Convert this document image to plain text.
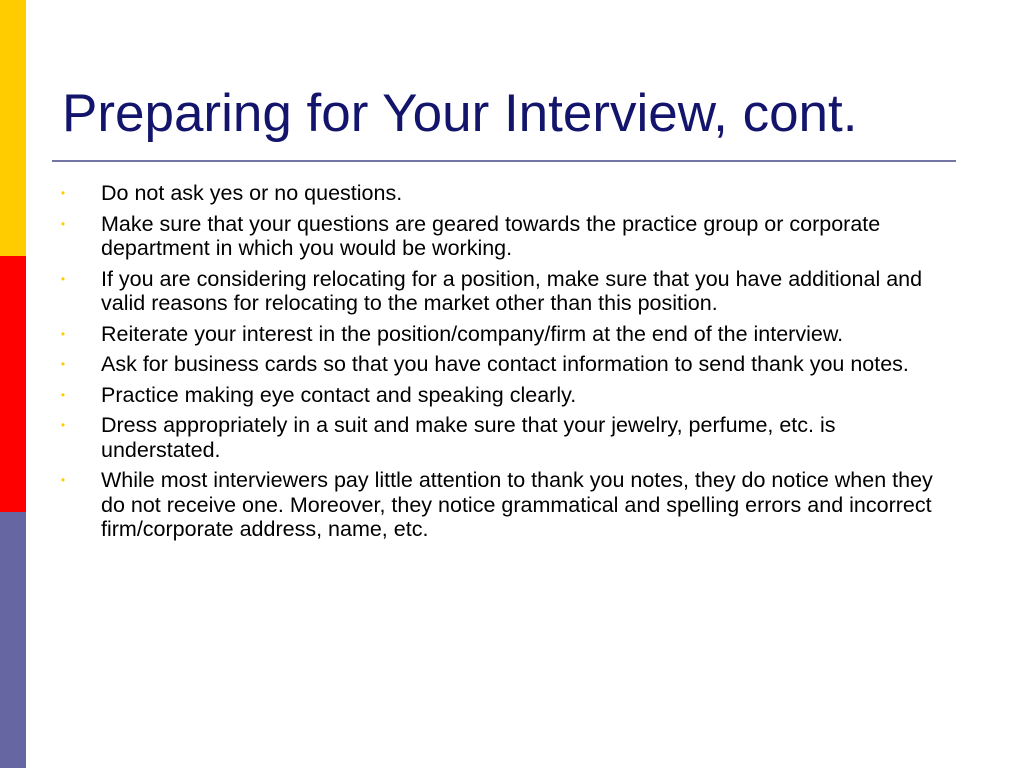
Preparing for Your Interview, cont.
• Do not ask yes or no questions.
• Make sure that your questions are geared towards the practice group or corporate department in which you would be working.
• If you are considering relocating for a position, make sure that you have additional and valid reasons for relocating to the market other than this position.
• Reiterate your interest in the position/company/firm at the end of the interview.
• Ask for business cards so that you have contact information to send thank you notes.
• Practice making eye contact and speaking clearly.
• Dress appropriately in a suit and make sure that your jewelry, perfume, etc. is understated.
• While most interviewers pay little attention to thank you notes, they do notice when they do not receive one. Moreover, they notice grammatical and spelling errors and incorrect firm/corporate address, name, etc.
